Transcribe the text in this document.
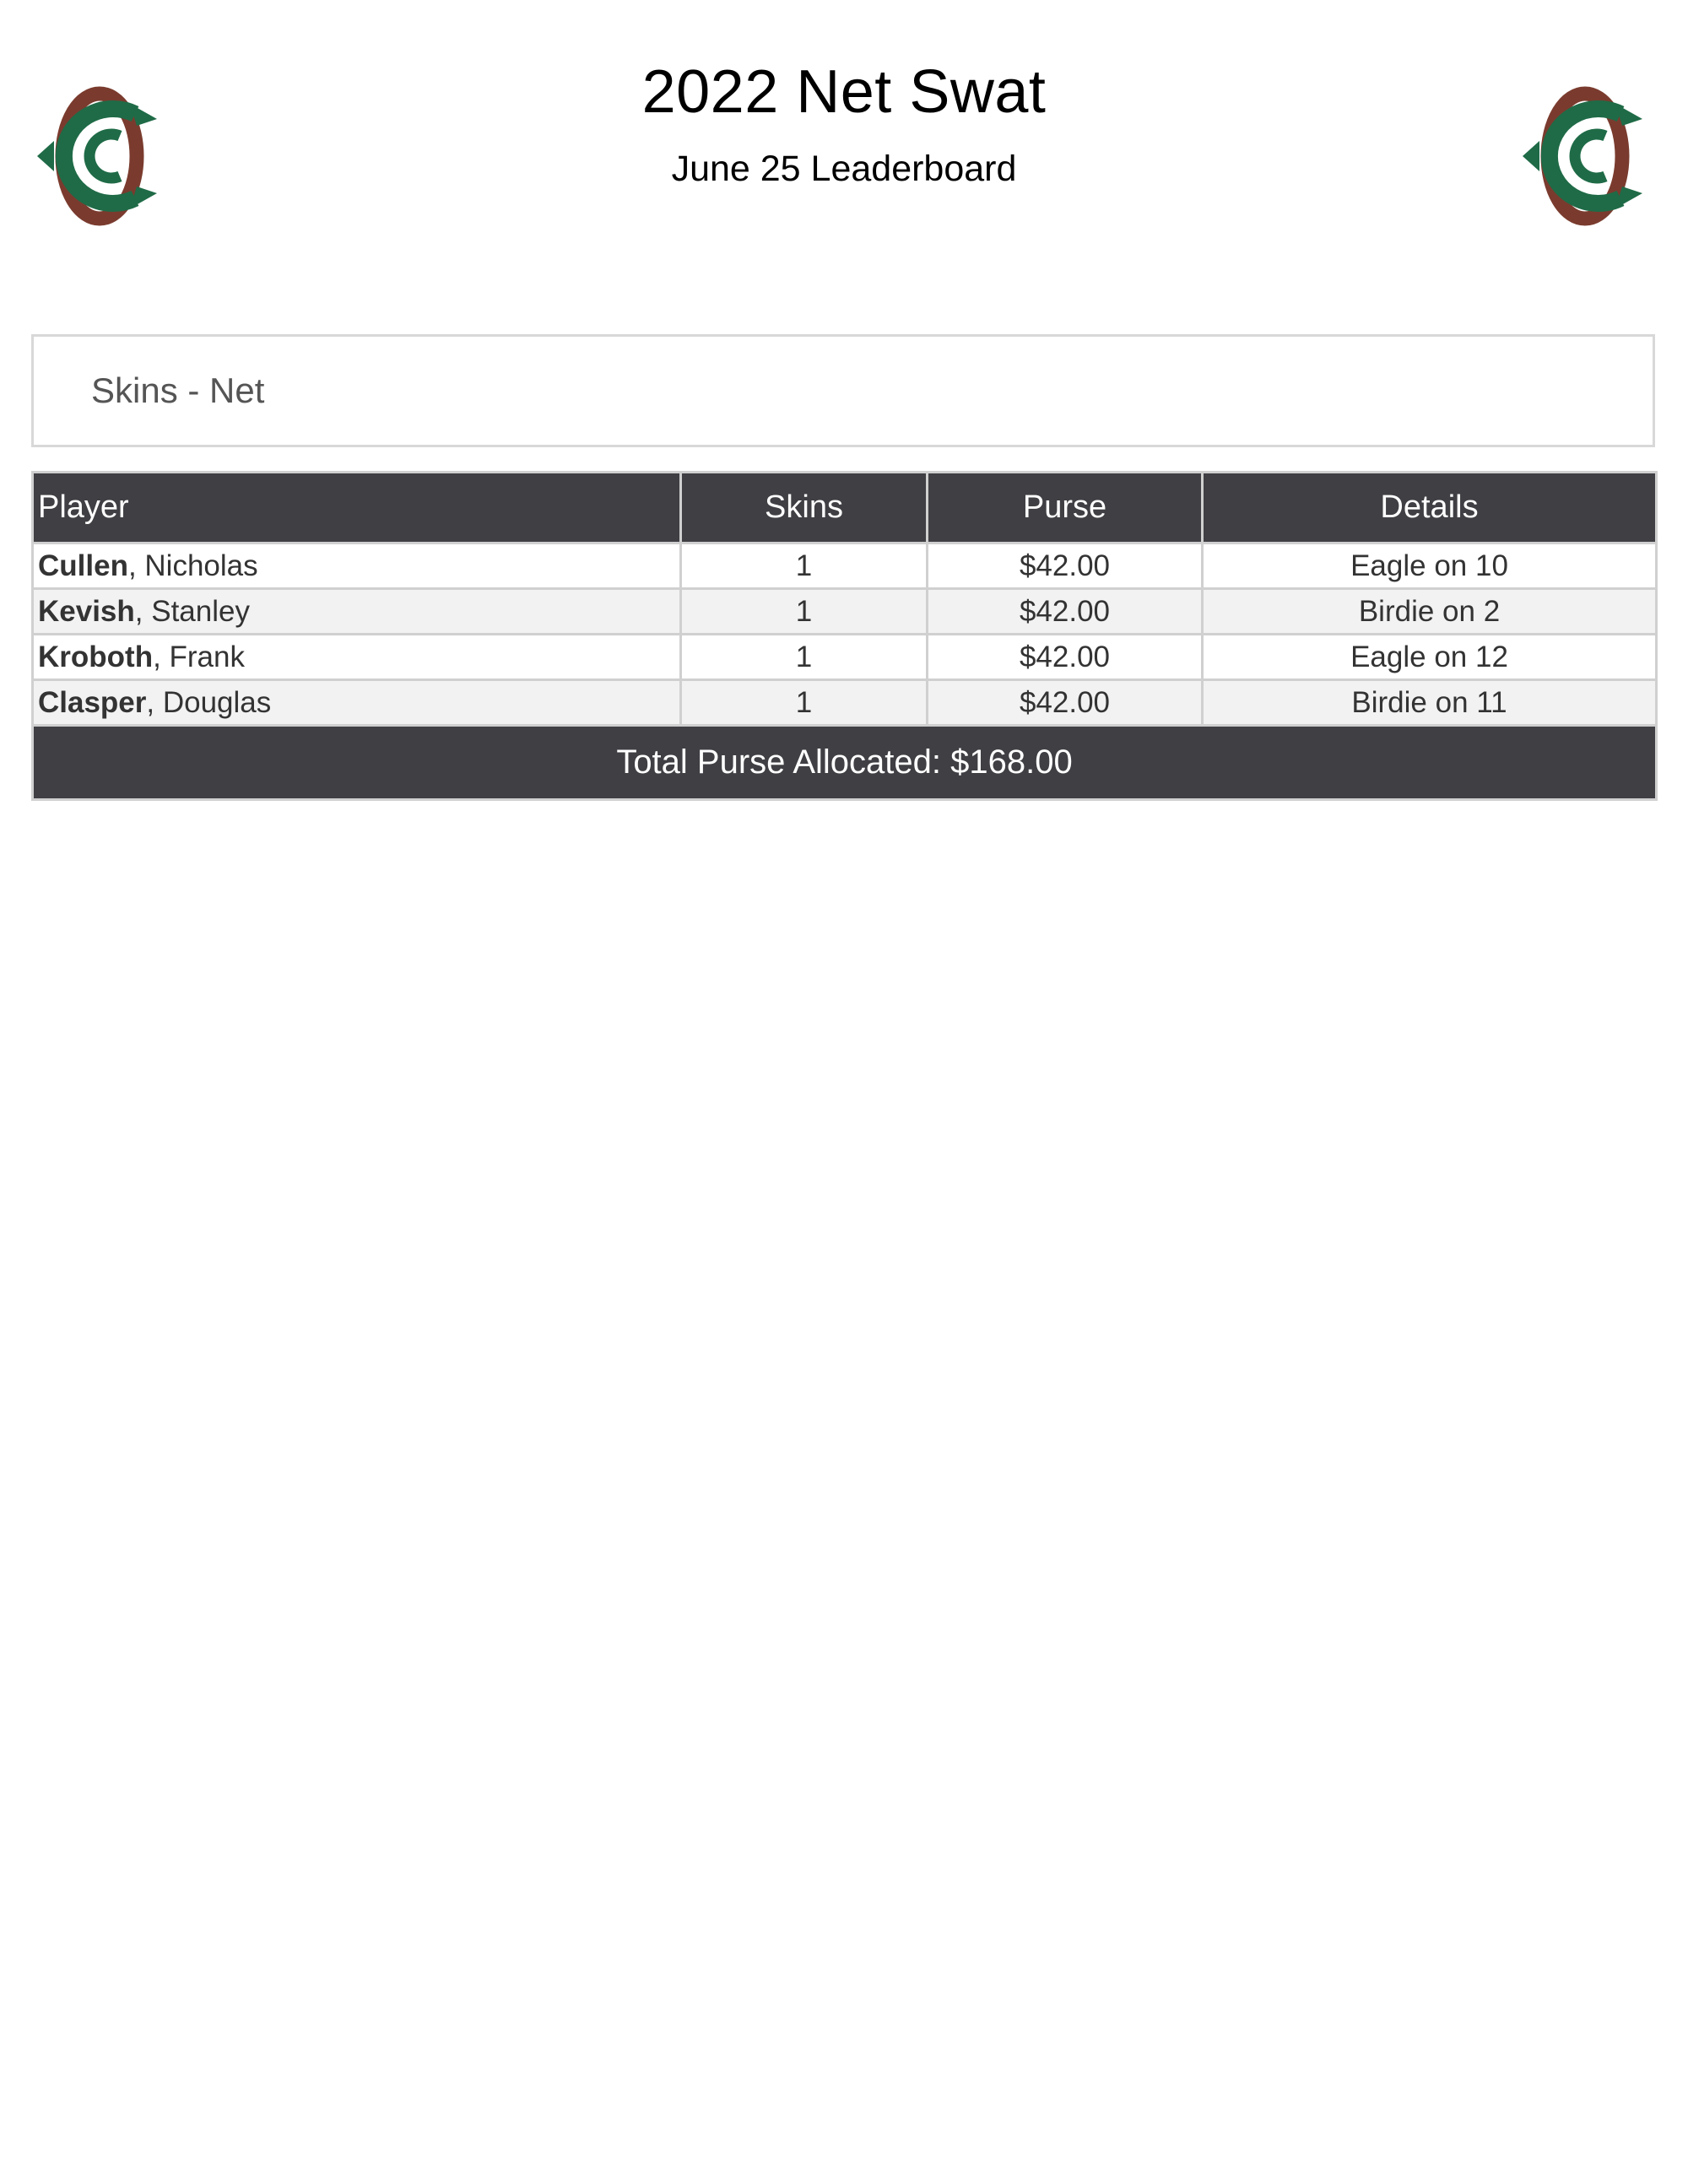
2022 Net Swat
June 25 Leaderboard
Skins - Net
Player	Skins	Purse	Details
Cullen, Nicholas	1	$42.00	Eagle on 10
Kevish, Stanley	1	$42.00	Birdie on 2
Kroboth, Frank	1	$42.00	Eagle on 12
Clasper, Douglas	1	$42.00	Birdie on 11
Total Purse Allocated: $168.00			
